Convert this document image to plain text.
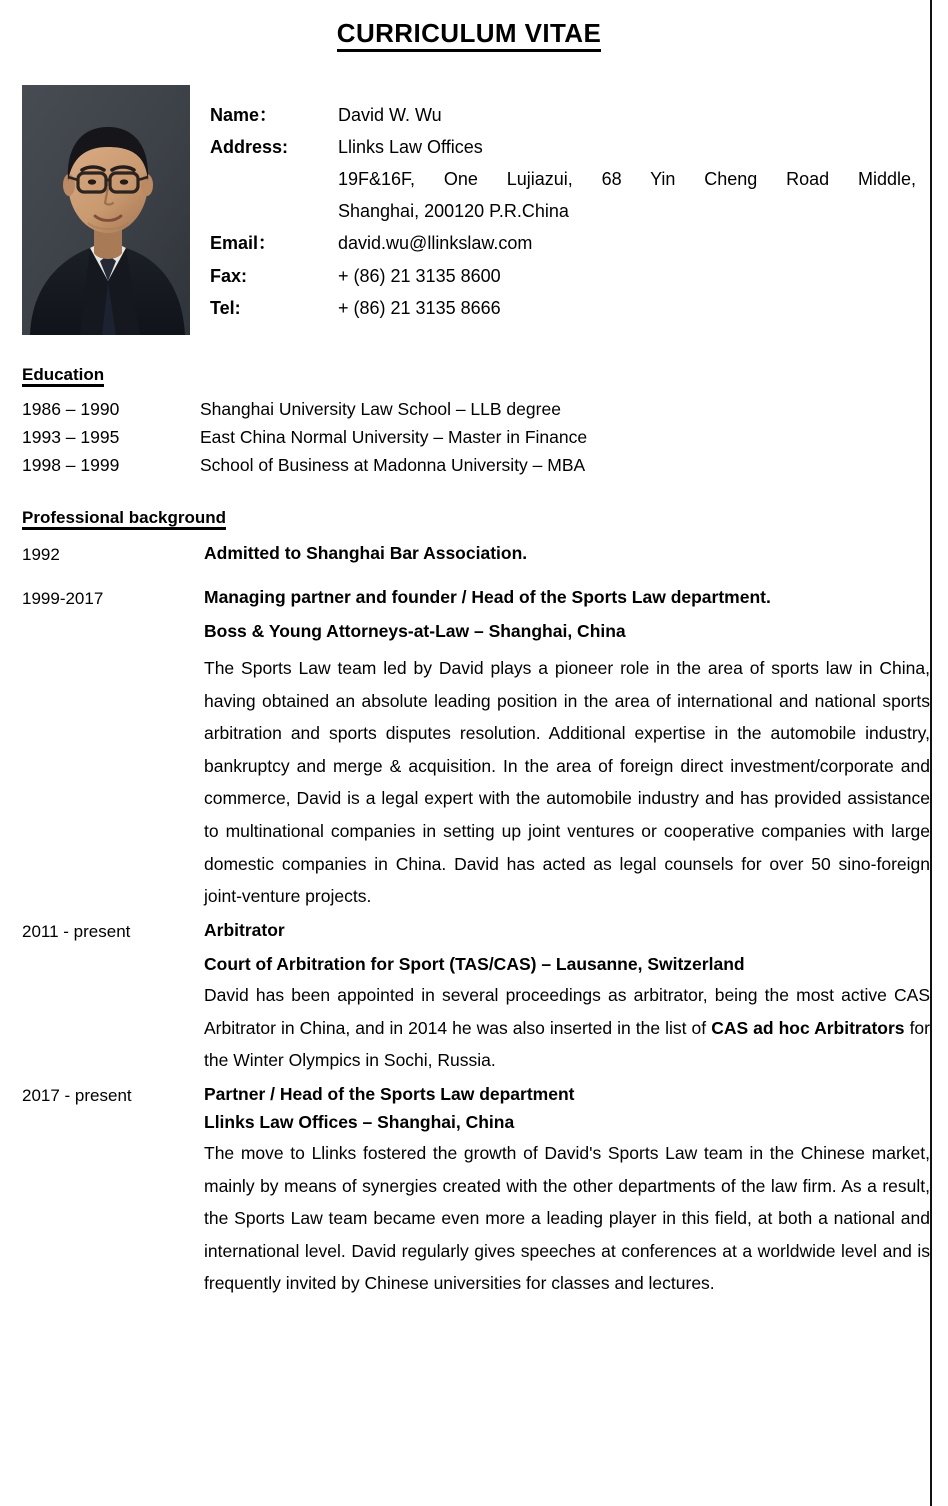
CURRICULUM VITAE
Name：	David W. Wu
Address:	Llinks Law Offices
19F&16F, One Lujiazui, 68 Yin Cheng Road Middle,
Shanghai, 200120 P.R.China
Email：	david.wu@llinkslaw.com
Fax:	+ (86) 21 3135 8600
Tel:	+ (86) 21 3135 8666
Education
1986 – 1990	Shanghai University Law School – LLB degree
1993 – 1995	East China Normal University – Master in Finance
1998 – 1999	School of Business at Madonna University – MBA
Professional background
1992	Admitted to Shanghai Bar Association.
1999-2017	Managing partner and founder / Head of the Sports Law department.
Boss & Young Attorneys-at-Law – Shanghai, China

The Sports Law team led by David plays a pioneer role in the area of sports law in China, having obtained an absolute leading position in the area of international and national sports arbitration and sports disputes resolution. Additional expertise in the automobile industry, bankruptcy and merge & acquisition. In the area of foreign direct investment/corporate and commerce, David is a legal expert with the automobile industry and has provided assistance to multinational companies in setting up joint ventures or cooperative companies with large domestic companies in China. David has acted as legal counsels for over 50 sino-foreign joint-venture projects.

2011 - present	Arbitrator
Court of Arbitration for Sport (TAS/CAS) – Lausanne, Switzerland

David has been appointed in several proceedings as arbitrator, being the most active CAS Arbitrator in China, and in 2014 he was also inserted in the list of CAS ad hoc Arbitrators for the Winter Olympics in Sochi, Russia.

2017 - present	Partner / Head of the Sports Law department
Llinks Law Offices – Shanghai, China

The move to Llinks fostered the growth of David's Sports Law team in the Chinese market, mainly by means of synergies created with the other departments of the law firm. As a result, the Sports Law team became even more a leading player in this field, at both a national and international level. David regularly gives speeches at conferences at a worldwide level and is frequently invited by Chinese universities for classes and lectures.
